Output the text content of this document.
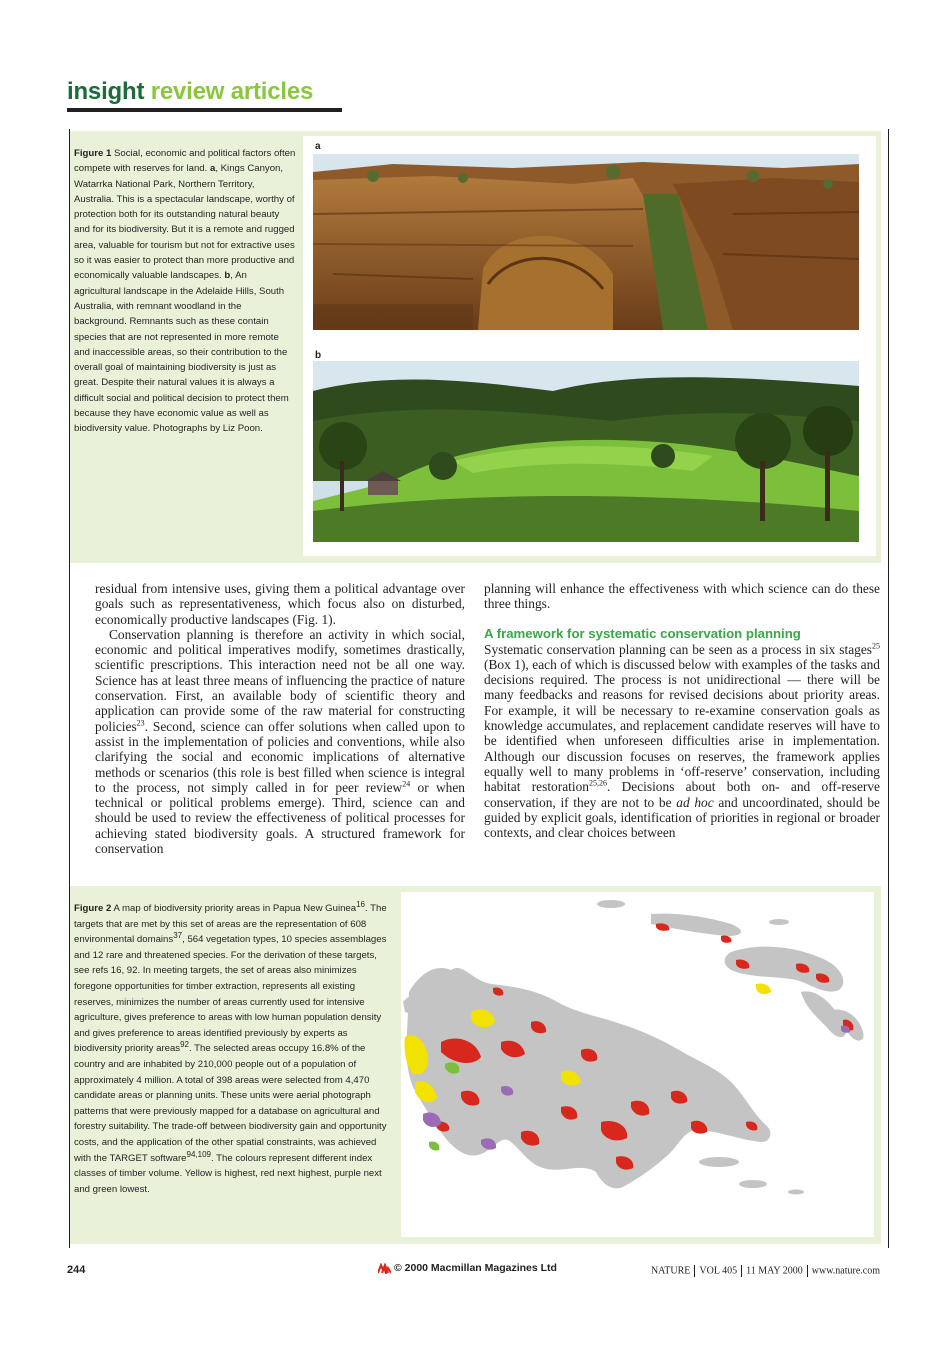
insight review articles
Figure 1 Social, economic and political factors often compete with reserves for land. a, Kings Canyon, Watarrka National Park, Northern Territory, Australia. This is a spectacular landscape, worthy of protection both for its outstanding natural beauty and for its biodiversity. But it is a remote and rugged area, valuable for tourism but not for extractive uses so it was easier to protect than more productive and economically valuable landscapes. b, An agricultural landscape in the Adelaide Hills, South Australia, with remnant woodland in the background. Remnants such as these contain species that are not represented in more remote and inaccessible areas, so their contribution to the overall goal of maintaining biodiversity is just as great. Despite their natural values it is always a difficult social and political decision to protect them because they have economic value as well as biodiversity value. Photographs by Liz Poon.
a
b

residual from intensive uses, giving them a political advantage over goals such as representativeness, which focus also on disturbed, economically productive landscapes (Fig. 1).

Conservation planning is therefore an activity in which social, economic and political imperatives modify, sometimes drastically, scientific prescriptions. This interaction need not be all one way. Science has at least three means of influencing the practice of nature conservation. First, an available body of scientific theory and application can provide some of the raw material for constructing policies$^{23}$. Second, science can offer solutions when called upon to assist in the implementation of policies and conventions, while also clarifying the social and economic implications of alternative methods or scenarios (this role is best filled when science is integral to the process, not simply called in for peer review$^{24}$ or when technical or political problems emerge). Third, science can and should be used to review the effectiveness of political processes for achieving stated biodiversity goals. A structured framework for conservation

planning will enhance the effectiveness with which science can do these three things.

A framework for systematic conservation planning

Systematic conservation planning can be seen as a process in six stages$^{25}$ (Box 1), each of which is discussed below with examples of the tasks and decisions required. The process is not unidirectional — there will be many feedbacks and reasons for revised decisions about priority areas. For example, it will be necessary to re-examine conservation goals as knowledge accumulates, and replacement candidate reserves will have to be identified when unforeseen difficulties arise in implementation. Although our discussion focuses on reserves, the framework applies equally well to many problems in ‘off-reserve’ conservation, including habitat restoration$^{25,26}$. Decisions about both on- and off-reserve conservation, if they are not to be ad hoc and uncoordinated, should be guided by explicit goals, identification of priorities in regional or broader contexts, and clear choices between

Figure 2 A map of biodiversity priority areas in Papua New Guinea$^{16}$. The targets that are met by this set of areas are the representation of 608 environmental domains$^{37}$, 564 vegetation types, 10 species assemblages and 12 rare and threatened species. For the derivation of these targets, see refs 16, 92. In meeting targets, the set of areas also minimizes foregone opportunities for timber extraction, represents all existing reserves, minimizes the number of areas currently used for intensive agriculture, gives preference to areas with low human population density and gives preference to areas identified previously by experts as biodiversity priority areas$^{92}$. The selected areas occupy 16.8% of the country and are inhabited by 210,000 people out of a population of approximately 4 million. A total of 398 areas were selected from 4,470 candidate areas or planning units. These units were aerial photograph patterns that were previously mapped for a database on agricultural and forestry suitability. The trade-off between biodiversity gain and opportunity costs, and the application of the other spatial constraints, was achieved with the TARGET software$^{94,109}$. The colours represent different index classes of timber volume. Yellow is highest, red next highest, purple next and green lowest.
244	© 2000 Macmillan Magazines Ltd	NATURE VOL 405 11 MAY 2000 www.nature.com
